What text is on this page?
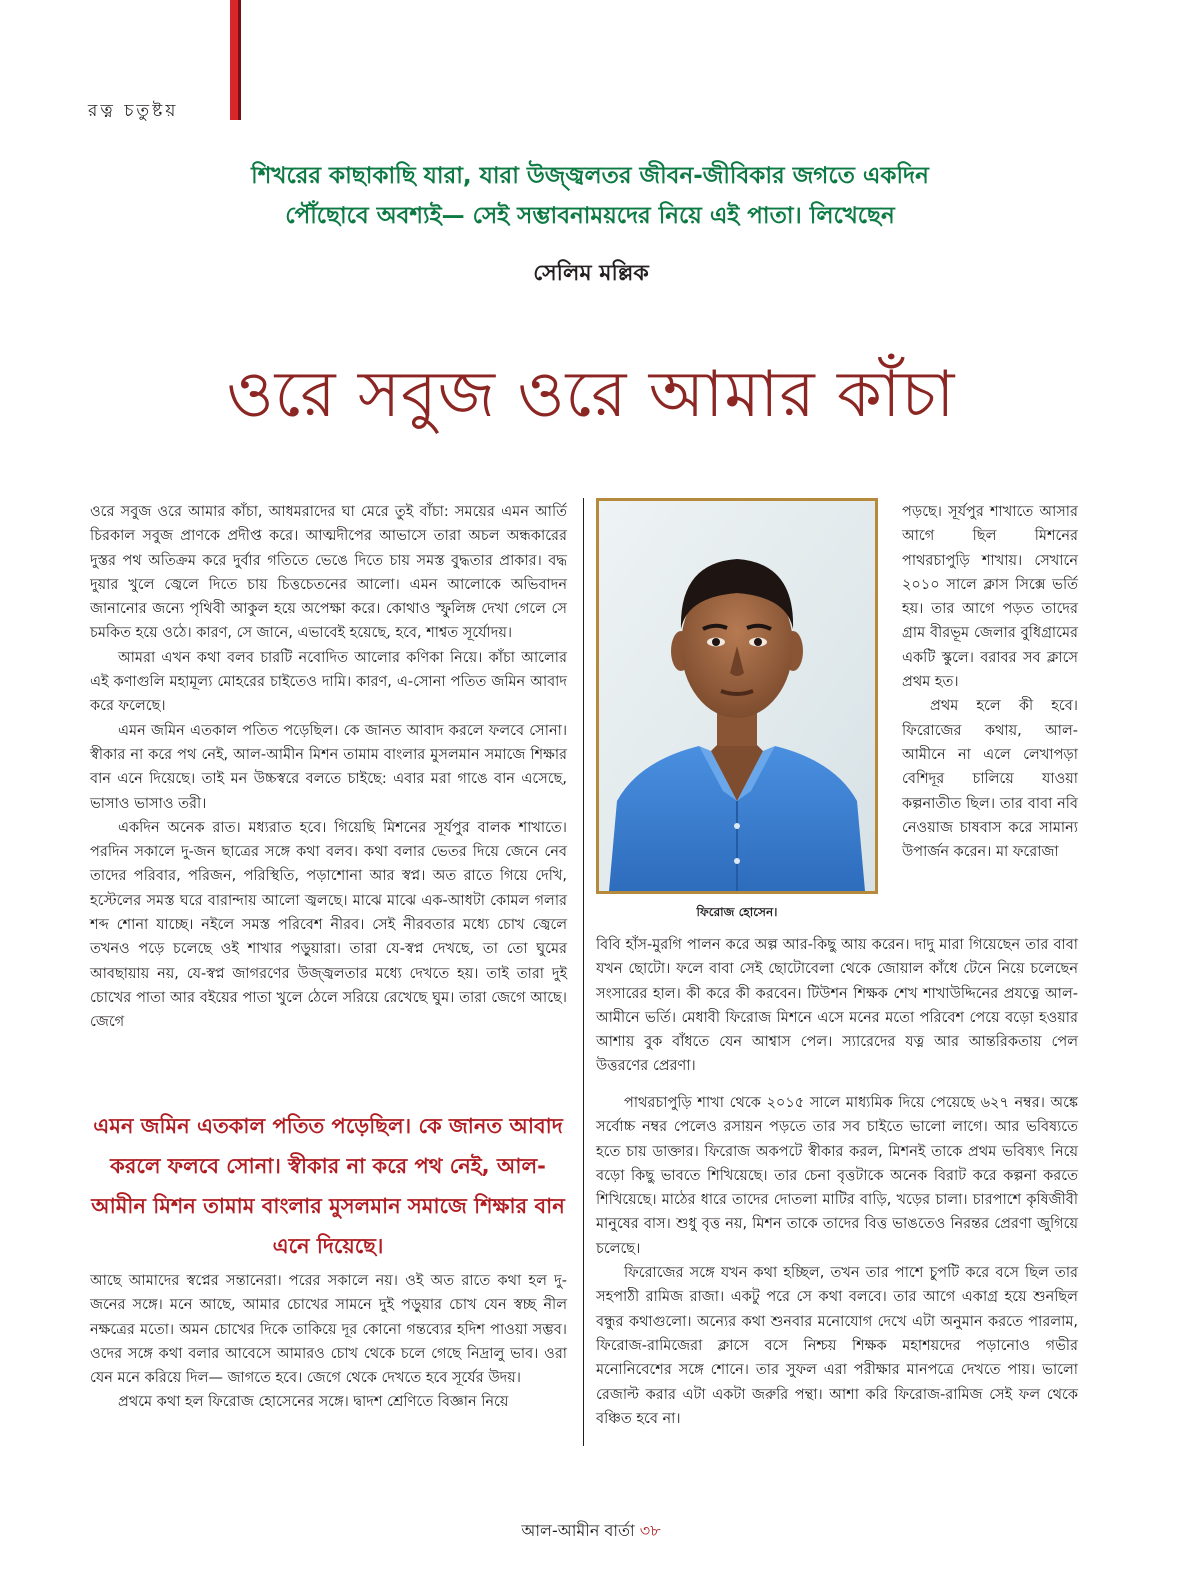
রত্ন চতুষ্টয়
শিখরের কাছাকাছি যারা, যারা উজ্জ্বলতর জীবন-জীবিকার জগতে একদিন
পৌঁছোবে অবশ্যই— সেই সম্ভাবনাময়দের নিয়ে এই পাতা। লিখেছেন
সেলিম মল্লিক
ওরে সবুজ ওরে আমার কাঁচা

ওরে সবুজ ওরে আমার কাঁচা, আধমরাদের ঘা মেরে তুই বাঁচা: সময়ের এমন আর্তি চিরকাল সবুজ প্রাণকে প্রদীপ্ত করে। আত্মদীপের আভাসে তারা অচল অন্ধকারের দুস্তর পথ অতিক্রম করে দুর্বার গতিতে ভেঙে দিতে চায় সমস্ত বুদ্ধতার প্রাকার। বদ্ধ দুয়ার খুলে জ্বেলে দিতে চায় চিত্তচেতনের আলো। এমন আলোকে অভিবাদন জানানোর জন্যে পৃথিবী আকুল হয়ে অপেক্ষা করে। কোথাও স্ফুলিঙ্গ দেখা গেলে সে চমকিত হয়ে ওঠে। কারণ, সে জানে, এভাবেই হয়েছে, হবে, শাশ্বত সূর্যোদয়।

আমরা এখন কথা বলব চারটি নবোদিত আলোর কণিকা নিয়ে। কাঁচা আলোর এই কণাগুলি মহামূল্য মোহরের চাইতেও দামি। কারণ, এ-সোনা পতিত জমিন আবাদ করে ফলেছে।

এমন জমিন এতকাল পতিত পড়েছিল। কে জানত আবাদ করলে ফলবে সোনা। স্বীকার না করে পথ নেই, আল-আমীন মিশন তামাম বাংলার মুসলমান সমাজে শিক্ষার বান এনে দিয়েছে। তাই মন উচ্চস্বরে বলতে চাইছে: এবার মরা গাঙে বান এসেছে, ভাসাও ভাসাও তরী।

একদিন অনেক রাত। মধ্যরাত হবে। গিয়েছি মিশনের সূর্যপুর বালক শাখাতে। পরদিন সকালে দু-জন ছাত্রের সঙ্গে কথা বলব। কথা বলার ভেতর দিয়ে জেনে নেব তাদের পরিবার, পরিজন, পরিস্থিতি, পড়াশোনা আর স্বপ্ন। অত রাতে গিয়ে দেখি, হস্টেলের সমস্ত ঘরে বারান্দায় আলো জ্বলছে। মাঝে মাঝে এক-আধটা কোমল গলার শব্দ শোনা যাচ্ছে। নইলে সমস্ত পরিবেশ নীরব। সেই নীরবতার মধ্যে চোখ জ্বেলে তখনও পড়ে চলেছে ওই শাখার পড়ুয়ারা। তারা যে-স্বপ্ন দেখছে, তা তো ঘুমের আবছায়ায় নয়, যে-স্বপ্ন জাগরণের উজ্জ্বলতার মধ্যে দেখতে হয়। তাই তারা দুই চোখের পাতা আর বইয়ের পাতা খুলে ঠেলে সরিয়ে রেখেছে ঘুম। তারা জেগে আছে। জেগে

এমন জমিন এতকাল পতিত পড়েছিল। কে জানত আবাদ করলে ফলবে সোনা। স্বীকার না করে পথ নেই, আল-আমীন মিশন তামাম বাংলার মুসলমান সমাজে শিক্ষার বান এনে দিয়েছে।

আছে আমাদের স্বপ্নের সন্তানেরা। পরের সকালে নয়। ওই অত রাতে কথা হল দু-জনের সঙ্গে। মনে আছে, আমার চোখের সামনে দুই পড়ুয়ার চোখ যেন স্বচ্ছ নীল নক্ষত্রের মতো। অমন চোখের দিকে তাকিয়ে দূর কোনো গন্তব্যের হদিশ পাওয়া সম্ভব। ওদের সঙ্গে কথা বলার আবেসে আমারও চোখ থেকে চলে গেছে নিদ্রালু ভাব। ওরা যেন মনে করিয়ে দিল— জাগতে হবে। জেগে থেকে দেখতে হবে সূর্যের উদয়।

প্রথমে কথা হল ফিরোজ হোসেনের সঙ্গে। দ্বাদশ শ্রেণিতে বিজ্ঞান নিয়ে

ফিরোজ হোসেন।

পড়ছে। সূর্যপুর শাখাতে আসার আগে ছিল মিশনের পাথরচাপুড়ি শাখায়। সেখানে ২০১০ সালে ক্লাস সিক্সে ভর্তি হয়। তার আগে পড়ত তাদের গ্রাম বীরভূম জেলার বুধিগ্রামের একটি স্কুলে। বরাবর সব ক্লাসে প্রথম হত।

প্রথম হলে কী হবে। ফিরোজের কথায়, আল-আমীনে না এলে লেখাপড়া বেশিদূর চালিয়ে যাওয়া কল্পনাতীত ছিল। তার বাবা নবি নেওয়াজ চাষবাস করে সামান্য উপার্জন করেন। মা ফরোজা

বিবি হাঁস-মুরগি পালন করে অল্প আর-কিছু আয় করেন। দাদু মারা গিয়েছেন তার বাবা যখন ছোটো। ফলে বাবা সেই ছোটোবেলা থেকে জোয়াল কাঁধে টেনে নিয়ে চলেছেন সংসারের হাল। কী করে কী করবেন। টিউশন শিক্ষক শেখ শাখাউদ্দিনের প্রযত্নে আল-আমীনে ভর্তি। মেধাবী ফিরোজ মিশনে এসে মনের মতো পরিবেশ পেয়ে বড়ো হওয়ার আশায় বুক বাঁধতে যেন আশ্বাস পেল। স্যারেদের যত্ন আর আন্তরিকতায় পেল উত্তরণের প্রেরণা।

পাথরচাপুড়ি শাখা থেকে ২০১৫ সালে মাধ্যমিক দিয়ে পেয়েছে ৬২৭ নম্বর। অঙ্কে সর্বোচ্চ নম্বর পেলেও রসায়ন পড়তে তার সব চাইতে ভালো লাগে। আর ভবিষ্যতে হতে চায় ডাক্তার। ফিরোজ অকপটে স্বীকার করল, মিশনই তাকে প্রথম ভবিষ্যৎ নিয়ে বড়ো কিছু ভাবতে শিখিয়েছে। তার চেনা বৃত্তটাকে অনেক বিরাট করে কল্পনা করতে শিখিয়েছে। মাঠের ধারে তাদের দোতলা মাটির বাড়ি, খড়ের চালা। চারপাশে কৃষিজীবী মানুষের বাস। শুধু বৃত্ত নয়, মিশন তাকে তাদের বিত্ত ভাঙতেও নিরন্তর প্রেরণা জুগিয়ে চলেছে।

ফিরোজের সঙ্গে যখন কথা হচ্ছিল, তখন তার পাশে চুপটি করে বসে ছিল তার সহপাঠী রামিজ রাজা। একটু পরে সে কথা বলবে। তার আগে একাগ্র হয়ে শুনছিল বন্ধুর কথাগুলো। অন্যের কথা শুনবার মনোযোগ দেখে এটা অনুমান করতে পারলাম, ফিরোজ-রামিজেরা ক্লাসে বসে নিশ্চয় শিক্ষক মহাশয়দের পড়ানোও গভীর মনোনিবেশের সঙ্গে শোনে। তার সুফল এরা পরীক্ষার মানপত্রে দেখতে পায়। ভালো রেজাল্ট করার এটা একটা জরুরি পন্থা। আশা করি ফিরোজ-রামিজ সেই ফল থেকে বঞ্চিত হবে না।

আল-আমীন বার্তা ৩৮
